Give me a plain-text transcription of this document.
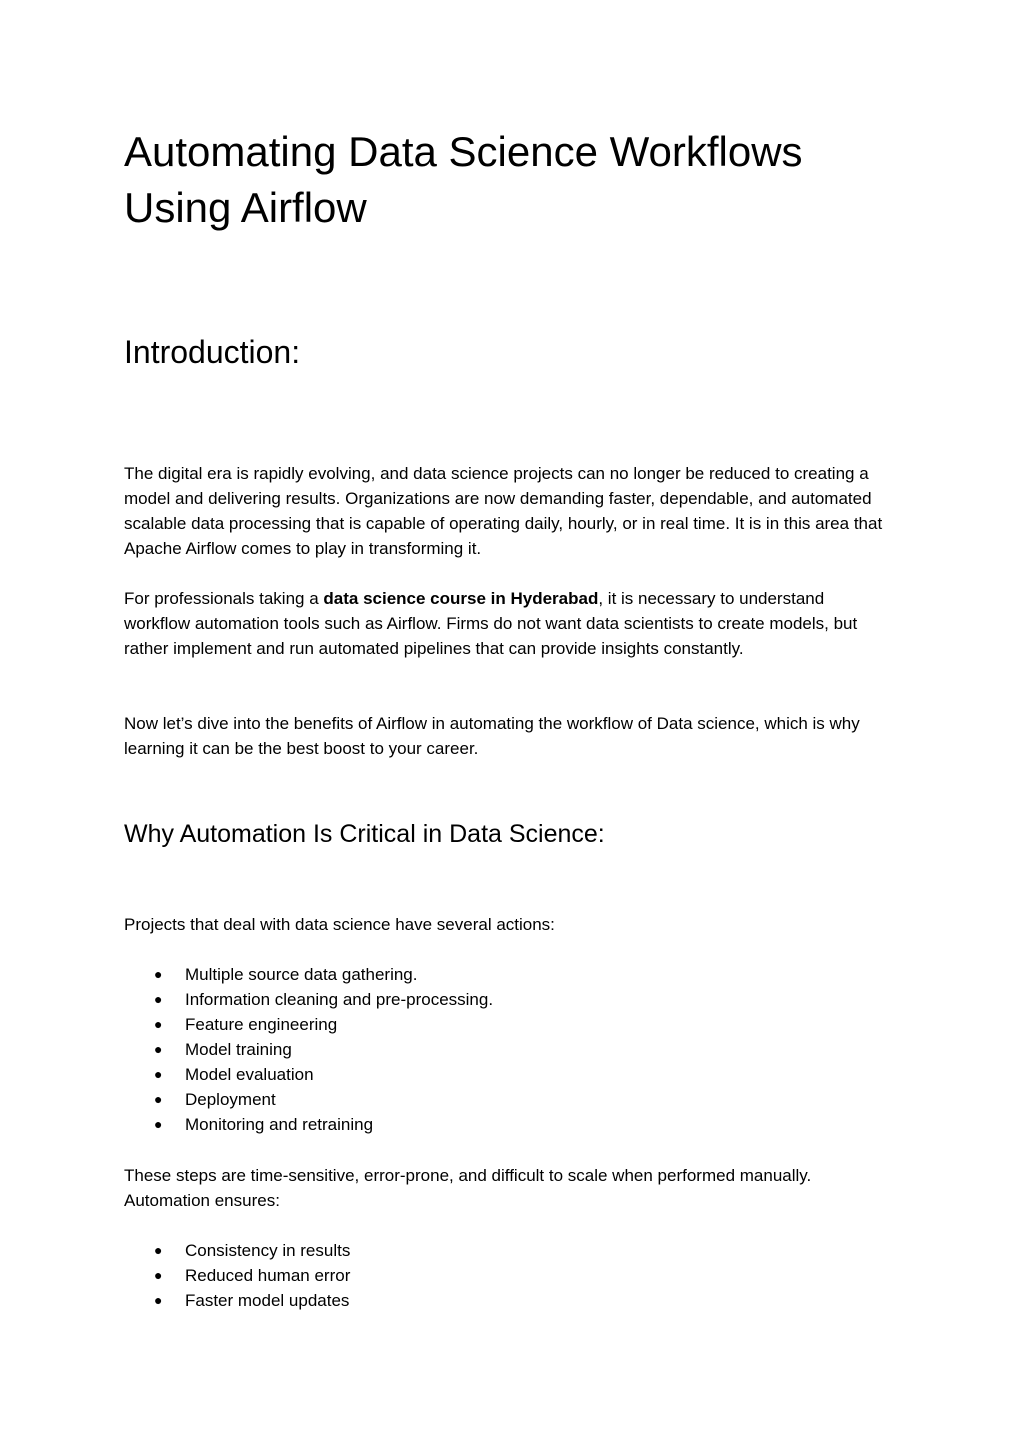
Automating Data Science Workflows Using Airflow
Introduction:

The digital era is rapidly evolving, and data science projects can no longer be reduced to creating a model and delivering results. Organizations are now demanding faster, dependable, and automated scalable data processing that is capable of operating daily, hourly, or in real time. It is in this area that Apache Airflow comes to play in transforming it.

For professionals taking a data science course in Hyderabad, it is necessary to understand workflow automation tools such as Airflow. Firms do not want data scientists to create models, but rather implement and run automated pipelines that can provide insights constantly.

Now let’s dive into the benefits of Airflow in automating the workflow of Data science, which is why learning it can be the best boost to your career.

Why Automation Is Critical in Data Science:

Projects that deal with data science have several actions:

● Multiple source data gathering.
● Information cleaning and pre-processing.
● Feature engineering
● Model training
● Model evaluation
● Deployment
● Monitoring and retraining

These steps are time-sensitive, error-prone, and difficult to scale when performed manually. Automation ensures:

● Consistency in results
● Reduced human error
● Faster model updates
